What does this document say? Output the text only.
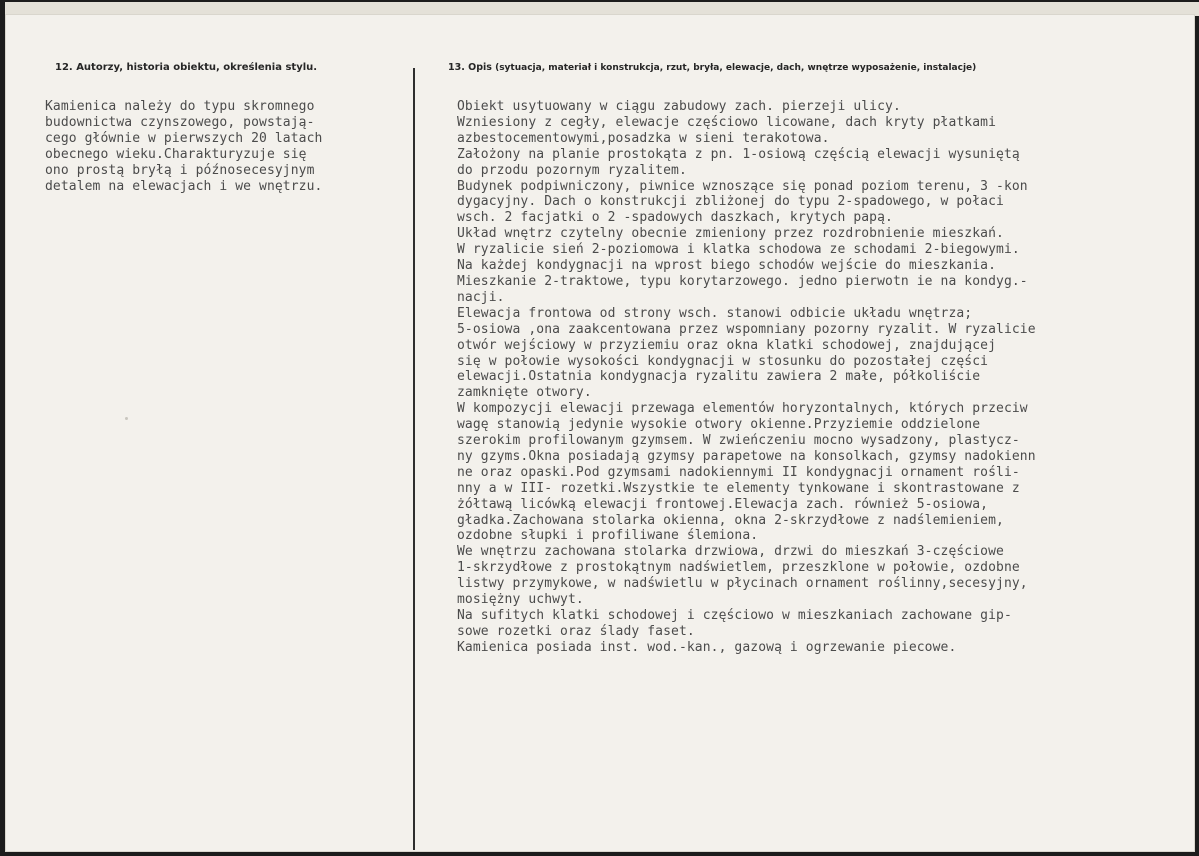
12. Autorzy, historia obiektu, określenia stylu.	13. Opis (sytuacja, materiał i konstrukcja, rzut, bryła, elewacje, dach, wnętrze wyposażenie, instalacje)
Kamienica należy do typu skromnego
budownictwa czynszowego, powstają-
cego głównie w pierwszych 20 latach
obecnego wieku.Charakturyzuje się
ono prostą bryłą i późnosecesyjnym
detalem na elewacjach i we wnętrzu.
Obiekt usytuowany w ciągu zabudowy zach. pierzeji ulicy.
Wzniesiony z cegły, elewacje częściowo licowane, dach kryty płatkami
azbestocementowymi,posadzka w sieni terakotowa.
Założony na planie prostokąta z pn. 1-osiową częścią elewacji wysuniętą
do przodu pozornym ryzalitem.
Budynek podpiwniczony, piwnice wznoszące się ponad poziom terenu, 3 -kon
dygacyjny. Dach o konstrukcji zbliżonej do typu 2-spadowego, w połaci
wsch. 2 facjatki o 2 -spadowych daszkach, krytych papą.
Układ wnętrz czytelny obecnie zmieniony przez rozdrobnienie mieszkań.
W ryzalicie sień 2-poziomowa i klatka schodowa ze schodami 2-biegowymi.
Na każdej kondygnacji na wprost biego schodów wejście do mieszkania.
Mieszkanie 2-traktowe, typu korytarzowego. jedno pierwotn ie na kondyg.-
nacji.
Elewacja frontowa od strony wsch. stanowi odbicie układu wnętrza;
5-osiowa ,ona zaakcentowana przez wspomniany pozorny ryzalit. W ryzalicie
otwór wejściowy w przyziemiu oraz okna klatki schodowej, znajdującej
się w połowie wysokości kondygnacji w stosunku do pozostałej części
elewacji.Ostatnia kondygnacja ryzalitu zawiera 2 małe, półkoliście
zamknięte otwory.
W kompozycji elewacji przewaga elementów horyzontalnych, których przeciw
wagę stanowią jedynie wysokie otwory okienne.Przyziemie oddzielone
szerokim profilowanym gzymsem. W zwieńczeniu mocno wysadzony, plastycz-
ny gzyms.Okna posiadają gzymsy parapetowe na konsolkach, gzymsy nadokienn
ne oraz opaski.Pod gzymsami nadokiennymi II kondygnacji ornament rośli-
nny a w III- rozetki.Wszystkie te elementy tynkowane i skontrastowane z
żółtawą licówką elewacji frontowej.Elewacja zach. również 5-osiowa,
gładka.Zachowana stolarka okienna, okna 2-skrzydłowe z nadślemieniem,
ozdobne słupki i profiliwane ślemiona.
We wnętrzu zachowana stolarka drzwiowa, drzwi do mieszkań 3-częściowe
1-skrzydłowe z prostokątnym nadświetlem, przeszklone w połowie, ozdobne
listwy przymykowe, w nadświetlu w płycinach ornament roślinny,secesyjny,
mosiężny uchwyt.
Na sufitych klatki schodowej i częściowo w mieszkaniach zachowane gip-
sowe rozetki oraz ślady faset.
Kamienica posiada inst. wod.-kan., gazową i ogrzewanie piecowe.
